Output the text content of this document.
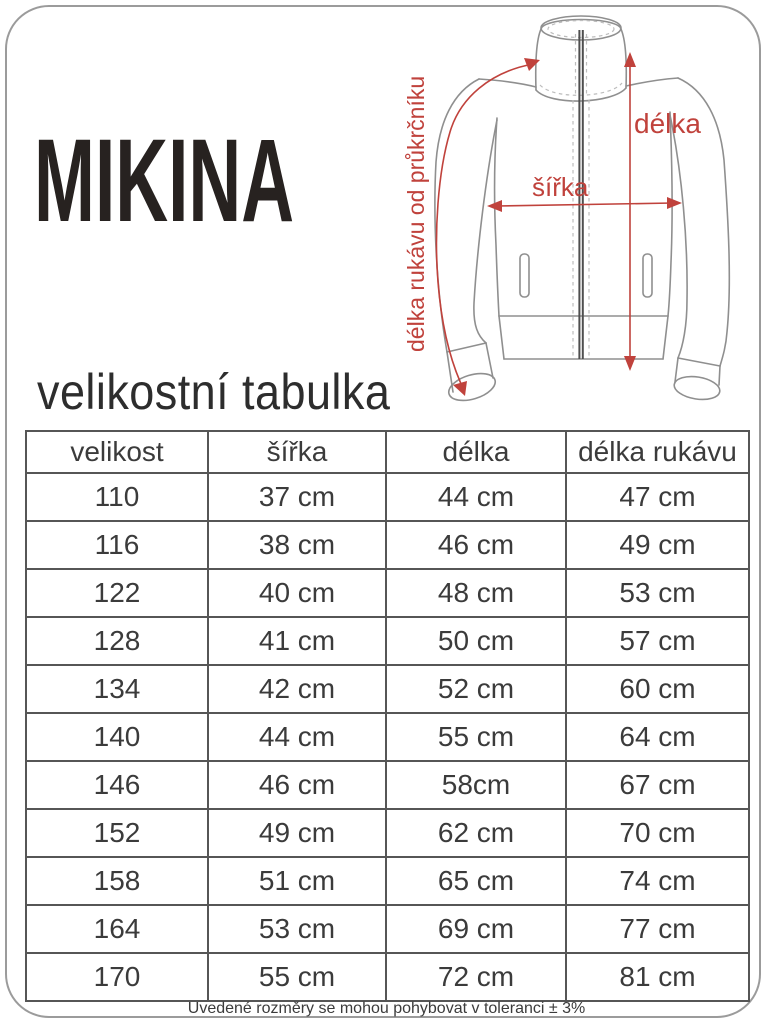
MIKINA	délka
šířka
délka rukávu od průkrčníku
velikostní tabulka
velikost	šířka	délka	délka rukávu
110	37 cm	44 cm	47 cm
116	38 cm	46 cm	49 cm
122	40 cm	48 cm	53 cm
128	41 cm	50 cm	57 cm
134	42 cm	52 cm	60 cm
140	44 cm	55 cm	64 cm
146	46 cm	58cm	67 cm
152	49 cm	62 cm	70 cm
158	51 cm	65 cm	74 cm
164	53 cm	69 cm	77 cm
170	55 cm	72 cm	81 cm
Uvedené rozměry se mohou pohybovat v toleranci ± 3%
